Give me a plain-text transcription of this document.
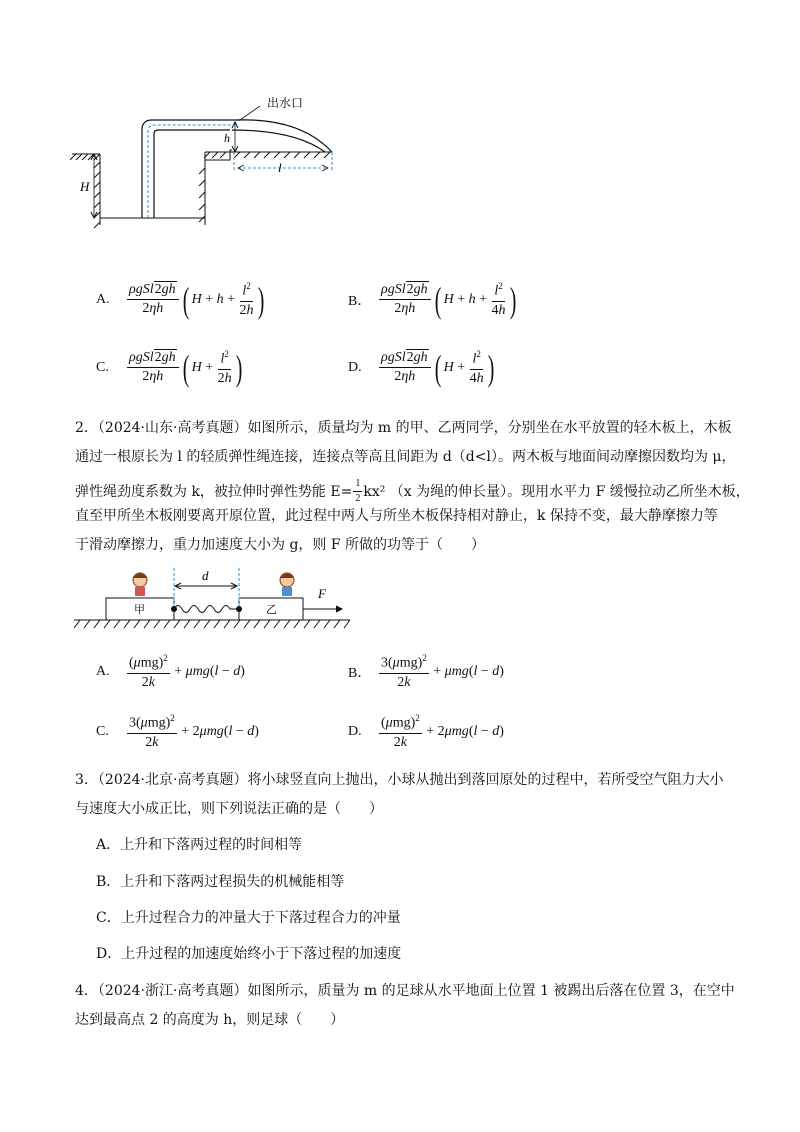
出水口
H
h
l
A.	$\frac{\text{ρgSl2gh}}{2\eta h}$ ( $H + h + \frac{l^2}{2h}$ )	B． $\frac{\text{ρgSl2gh}}{2\eta h}$ ( $H + h + \frac{l^2}{4h}$ )
C.	$\frac{\text{ρgSl2gh}}{2\eta h}$ ( $H + \frac{l^2}{2h}$ )	D.	$\frac{\text{ρgSl2gh}}{2\eta h}$ ( $H + \frac{l^2}{4h}$ )
2．（2024·山东·高考真题）如图所示，质量均为 m 的甲、乙两同学，分别坐在水平放置的轻木板上，木板
通过一根原长为 l 的轻质弹性绳连接，连接点等高且间距为 d（d<l）。两木板与地面间动摩擦因数均为 μ，
弹性绳劲度系数为 k，被拉伸时弹性势能 $E= \frac{1}{2} kx^2$ （x 为绳的伸长量）。现用水平力 F 缓慢拉动乙所坐木板，
直至甲所坐木板刚要离开原位置，此过程中两人与所坐木板保持相对静止，k 保持不变，最大静摩擦力等
于滑动摩擦力，重力加速度大小为 g，则 F 所做的功等于（　　）
甲	乙
d
F
A.	$\frac{(\mu mg)^2}{2k} + \mu mg$ ( l − d )	B． $\frac{3(\mu mg)^2}{2k} + \mu mg$ ( l − d )
C.	$\frac{3(\mu mg)^2}{2k} + 2$ μmg ( l − d )	D.	$\frac{(\mu mg)^2}{2k} + 2$ μmg ( l − d )
3．（2024·北京·高考真题）将小球竖直向上抛出，小球从抛出到落回原处的过程中，若所受空气阻力大小
与速度大小成正比，则下列说法正确的是（　　）
A．上升和下落两过程的时间相等
B．上升和下落两过程损失的机械能相等
C．上升过程合力的冲量大于下落过程合力的冲量
D．上升过程的加速度始终小于下落过程的加速度
4．（2024·浙江·高考真题）如图所示，质量为 m 的足球从水平地面上位置 1 被踢出后落在位置 3，在空中
达到最高点 2 的高度为 h，则足球（　　）
